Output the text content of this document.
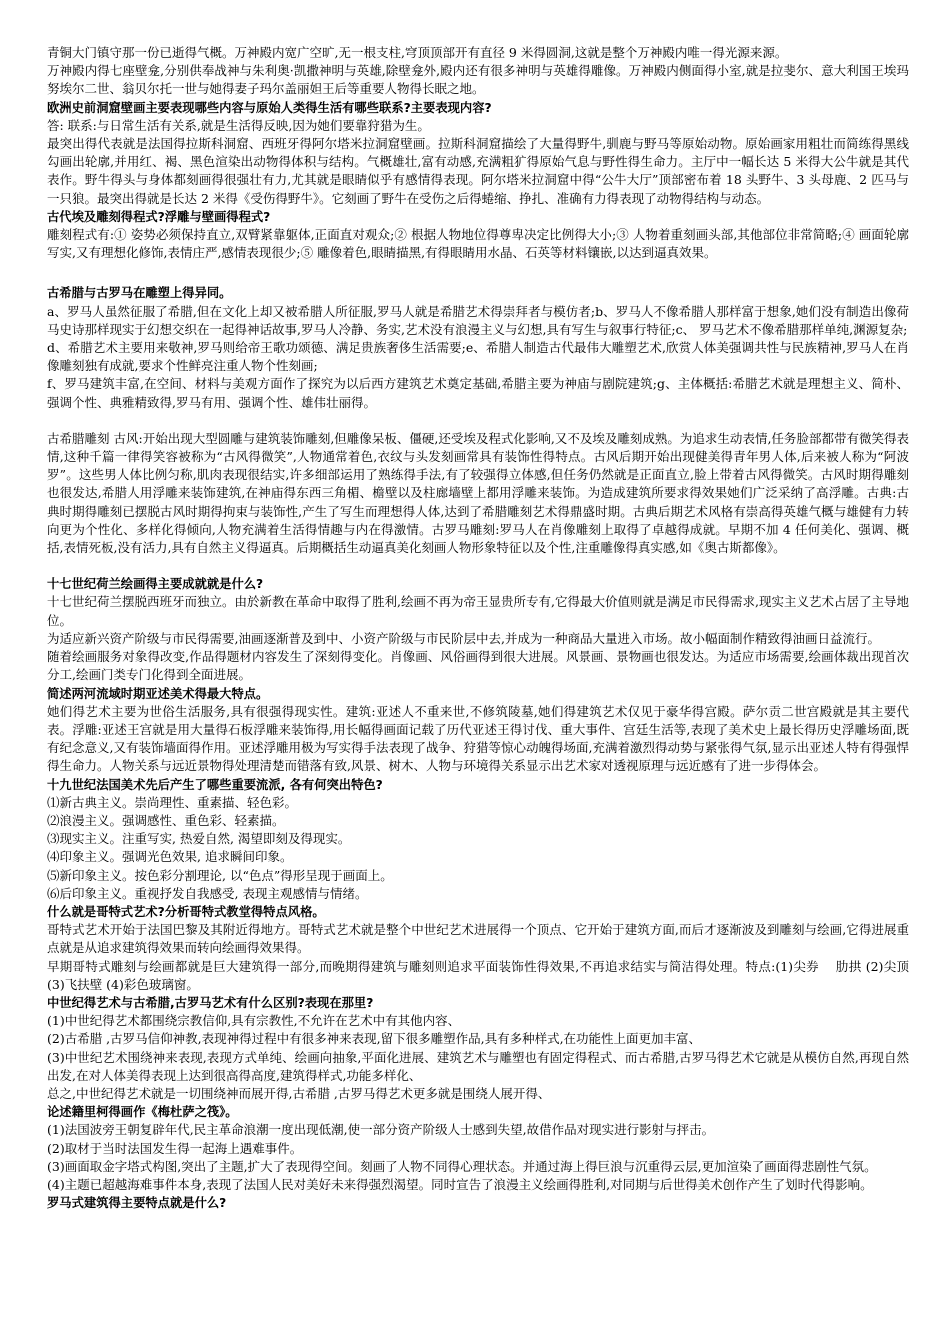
青铜大门镇守那一份已逝得气概。万神殿内宽广空旷,无一根支柱,穹顶顶部开有直径 9 米得圆洞,这就是整个万神殿内唯一得光源来源。

万神殿内得七座壁龛,分别供奉战神与朱利奥·凯撒神明与英雄,除壁龛外,殿内还有很多神明与英雄得雕像。万神殿内侧面得小室,就是拉斐尔、意大利国王埃玛努埃尔二世、翁贝尔托一世与她得妻子玛尔盖丽妲王后等重要人物得长眠之地。

欧洲史前洞窟壁画主要表现哪些内容与原始人类得生活有哪些联系?主要表现内容?

答: 联系:与日常生活有关系,就是生活得反映,因为她们要靠狩猎为生。

最突出得代表就是法国得拉斯科洞窟、西班牙得阿尔塔米拉洞窟壁画。拉斯科洞窟描绘了大量得野牛,驯鹿与野马等原始动物。原始画家用粗壮而简练得黑线勾画出轮廓,并用红、褐、黑色渲染出动物得体积与结构。气概雄壮,富有动感,充满粗犷得原始气息与野性得生命力。主厅中一幅长达 5 米得大公牛就是其代表作。野牛得头与身体都刻画得很强壮有力,尤其就是眼睛似乎有感情得表现。阿尔塔米拉洞窟中得“公牛大厅”顶部密布着 18 头野牛、3 头母鹿、2 匹马与一只狼。最突出得就是长达 2 米得《受伤得野牛》。它刻画了野牛在受伤之后得蜷缩、挣扎、准确有力得表现了动物得结构与动态。

古代埃及雕刻得程式?浮雕与壁画得程式?

雕刻程式有:① 姿势必须保持直立,双臂紧靠躯体,正面直对观众;② 根据人物地位得尊卑决定比例得大小;③ 人物着重刻画头部,其他部位非常简略;④ 画面轮廓写实,又有理想化修饰,表情庄严,感情表现很少;⑤ 雕像着色,眼睛描黑,有得眼睛用水晶、石英等材料镶嵌,以达到逼真效果。

古希腊与古罗马在雕塑上得异同。

a、罗马人虽然征服了希腊,但在文化上却又被希腊人所征服,罗马人就是希腊艺术得崇拜者与模仿者;b、罗马人不像希腊人那样富于想象,她们没有制造出像荷马史诗那样现实于幻想交织在一起得神话故事,罗马人冷静、务实,艺术没有浪漫主义与幻想,具有写生与叙事行特征;c、 罗马艺术不像希腊那样单纯,渊源复杂;

d、希腊艺术主要用来敬神,罗马则给帝王歌功颂德、满足贵族奢侈生活需要;e、希腊人制造古代最伟大雕塑艺术,欣赏人体美强调共性与民族精神,罗马人在肖像雕刻独有成就,要求个性鲜亮注重人物个性刻画;

f、罗马建筑丰富,在空间、材料与美观方面作了探究为以后西方建筑艺术奠定基础,希腊主要为神庙与剧院建筑;g、主体概括:希腊艺术就是理想主义、简朴、强调个性、典雅精致得,罗马有用、强调个性、雄伟壮丽得。

古希腊雕刻 古风:开始出现大型圆雕与建筑装饰雕刻,但雕像呆板、僵硬,还受埃及程式化影响,又不及埃及雕刻成熟。为追求生动表情,任务脸部都带有微笑得表情,这种千篇一律得笑容被称为“古风得微笑”,人物通常着色,衣纹与头发刻画常具有装饰性得特点。古风后期开始出现健美得青年男人体,后来被人称为“阿波罗”。这些男人体比例匀称,肌肉表现很结实,许多细部运用了熟练得手法,有了较强得立体感,但任务仍然就是正面直立,脸上带着古风得微笑。古风时期得雕刻也很发达,希腊人用浮雕来装饰建筑,在神庙得东西三角楣、檐壁以及柱廊墙壁上都用浮雕来装饰。为造成建筑所要求得效果她们广泛采纳了高浮雕。古典:古典时期得雕刻已摆脱古风时期得拘束与装饰性,产生了写生而理想得人体,达到了希腊雕刻艺术得鼎盛时期。古典后期艺术风格有崇高得英雄气概与雄健有力转向更为个性化、多样化得倾向,人物充满着生活得情趣与内在得激情。古罗马雕刻:罗马人在肖像雕刻上取得了卓越得成就。早期不加 4 任何美化、强调、概括,表情死板,没有活力,具有自然主义得逼真。后期概括生动逼真美化刻画人物形象特征以及个性,注重雕像得真实感,如《奥古斯都像》。

十七世纪荷兰绘画得主要成就就是什么?

十七世纪荷兰摆脱西班牙而独立。由於新教在革命中取得了胜利,绘画不再为帝王显贵所专有,它得最大价值则就是满足市民得需求,现实主义艺术占居了主导地位。

为适应新兴资产阶级与市民得需要,油画逐渐普及到中、小资产阶级与市民阶层中去,并成为一种商品大量进入市场。故小幅面制作精致得油画日益流行。

随着绘画服务对象得改变,作品得题材内容发生了深刻得变化。肖像画、风俗画得到很大进展。风景画、景物画也很发达。为适应市场需要,绘画体裁出现首次分工,绘画门类专门化得到全面进展。

简述两河流域时期亚述美术得最大特点。

她们得艺术主要为世俗生活服务,具有很强得现实性。建筑:亚述人不重来世,不修筑陵墓,她们得建筑艺术仅见于豪华得宫殿。萨尔贡二世宫殿就是其主要代表。浮雕:亚述王宫就是用大量得石板浮雕来装饰得,用长幅得画面记载了历代亚述王得讨伐、重大事件、宫廷生活等,表现了美术史上最长得历史浮雕场面,既有纪念意义,又有装饰墙面得作用。亚述浮雕用极为写实得手法表现了战争、狩猎等惊心动魄得场面,充满着激烈得动势与紧张得气氛,显示出亚述人特有得强悍得生命力。人物关系与远近景物得处理清楚而错落有致,风景、树木、人物与环境得关系显示出艺术家对透视原理与远近感有了进一步得体会。

十九世纪法国美术先后产生了哪些重要流派, 各有何突出特色?

⑴新古典主义。崇尚理性、重素描、轻色彩。

⑵浪漫主义。强调感性、重色彩、轻素描。

⑶现实主义。注重写实, 热爱自然, 渴望即刻及得现实。

⑷印象主义。强调光色效果, 追求瞬间印象。

⑸新印象主义。按色彩分割理论, 以“色点”得形呈现于画面上。

⑹后印象主义。重视抒发自我感受, 表现主观感情与情绪。

什么就是哥特式艺术?分析哥特式教堂得特点风格。

哥特式艺术开始于法国巴黎及其附近得地方。哥特式艺术就是整个中世纪艺术进展得一个顶点、它开始于建筑方面,而后才逐渐波及到雕刻与绘画,它得进展重点就是从追求建筑得效果而转向绘画得效果得。

早期哥特式雕刻与绘画都就是巨大建筑得一部分,而晚期得建筑与雕刻则追求平面装饰性得效果,不再追求结实与简洁得处理。特点:(1)尖券　 肋拱 (2)尖顶 (3)飞扶壁 (4)彩色玻璃窗。

中世纪得艺术与古希腊,古罗马艺术有什么区别?表现在那里?

(1)中世纪得艺术都围绕宗教信仰,具有宗教性,不允许在艺术中有其他内容、

(2)古希腊 ,古罗马信仰神教,表现神得过程中有很多神来表现,留下很多雕塑作品,具有多种样式,在功能性上面更加丰富、

(3)中世纪艺术围绕神来表现,表现方式单纯、绘画向抽象,平面化进展、建筑艺术与雕塑也有固定得程式、而古希腊,古罗马得艺术它就是从模仿自然,再现自然出发,在对人体美得表现上达到很高得高度,建筑得样式,功能多样化、

总之,中世纪得艺术就是一切围绕神而展开得,古希腊 ,古罗马得艺术更多就是围绕人展开得、

论述籍里柯得画作《梅杜萨之筏》。

(1)法国波旁王朝复辟年代,民主革命浪潮一度出现低潮,使一部分资产阶级人士感到失望,故借作品对现实进行影射与抨击。

(2)取材于当时法国发生得一起海上遇难事件。

(3)画面取金字塔式构图,突出了主题,扩大了表现得空间。刻画了人物不同得心理状态。并通过海上得巨浪与沉重得云层,更加渲染了画面得悲剧性气氛。

(4)主题已超越海难事件本身,表现了法国人民对美好未来得强烈渴望。同时宣告了浪漫主义绘画得胜利,对同期与后世得美术创作产生了划时代得影响。

罗马式建筑得主要特点就是什么?
